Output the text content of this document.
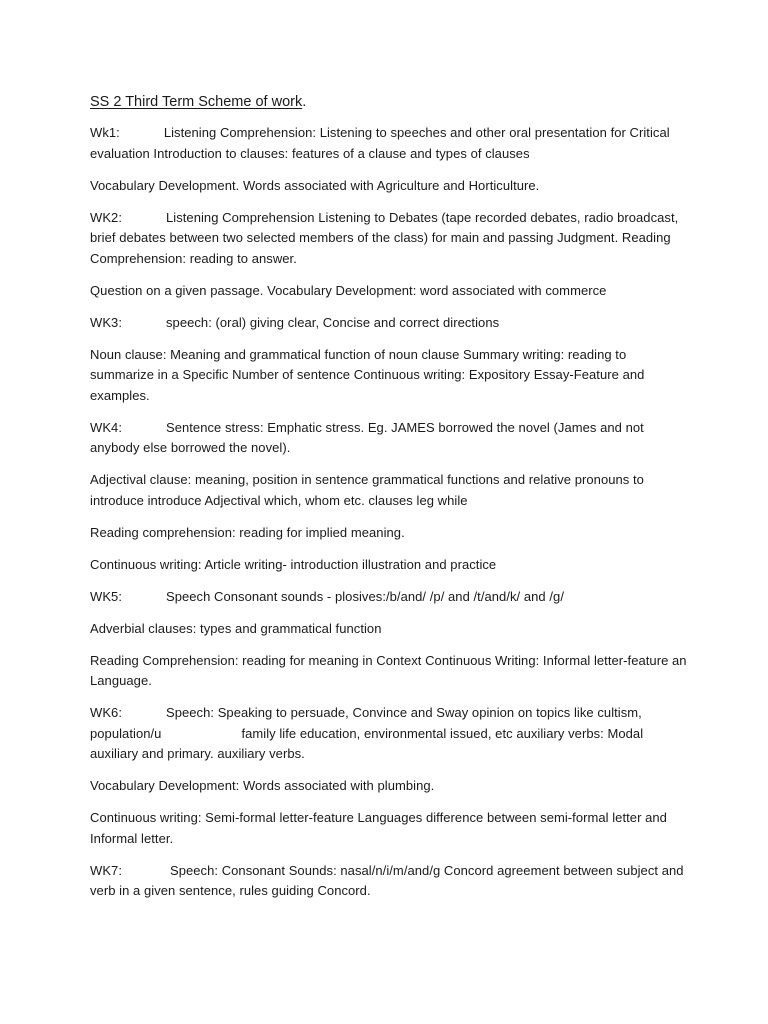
SS 2 Third Term Scheme of work.

Wk1:	Listening Comprehension: Listening to speeches and other oral presentation for Critical evaluation Introduction to clauses: features of a clause and types of clauses

Vocabulary Development. Words associated with Agriculture and Horticulture.

WK2:	Listening Comprehension Listening to Debates (tape recorded debates, radio broadcast, brief debates between two selected members of the class) for main and passing Judgment. Reading Comprehension: reading to answer.

Question on a given passage. Vocabulary Development: word associated with commerce

WK3:	speech: (oral) giving clear, Concise and correct directions

Noun clause: Meaning and grammatical function of noun clause Summary writing: reading to summarize in a Specific Number of sentence Continuous writing: Expository Essay-Feature and examples.

WK4:	Sentence stress: Emphatic stress. Eg. JAMES borrowed the novel (James and not anybody else borrowed the novel).

Adjectival clause: meaning, position in sentence grammatical functions and relative pronouns to introduce introduce Adjectival which, whom etc. clauses leg while

Reading comprehension: reading for implied meaning.

Continuous writing: Article writing- introduction illustration and practice

WK5:	Speech Consonant sounds - plosives:/b/and/ /p/ and /t/and/k/ and /g/

Adverbial clauses: types and grammatical function

Reading Comprehension: reading for meaning in Context Continuous Writing: Informal letter-feature an Language.

WK6:	Speech: Speaking to persuade, Convince and Sway opinion on topics like cultism, population/u	family life education, environmental issued, etc auxiliary verbs: Modal auxiliary and primary. auxiliary verbs.

Vocabulary Development: Words associated with plumbing.

Continuous writing: Semi-formal letter-feature Languages difference between semi-formal letter and Informal letter.

WK7:	Speech: Consonant Sounds: nasal/n/i/m/and/g Concord agreement between subject and verb in a given sentence, rules guiding Concord.
